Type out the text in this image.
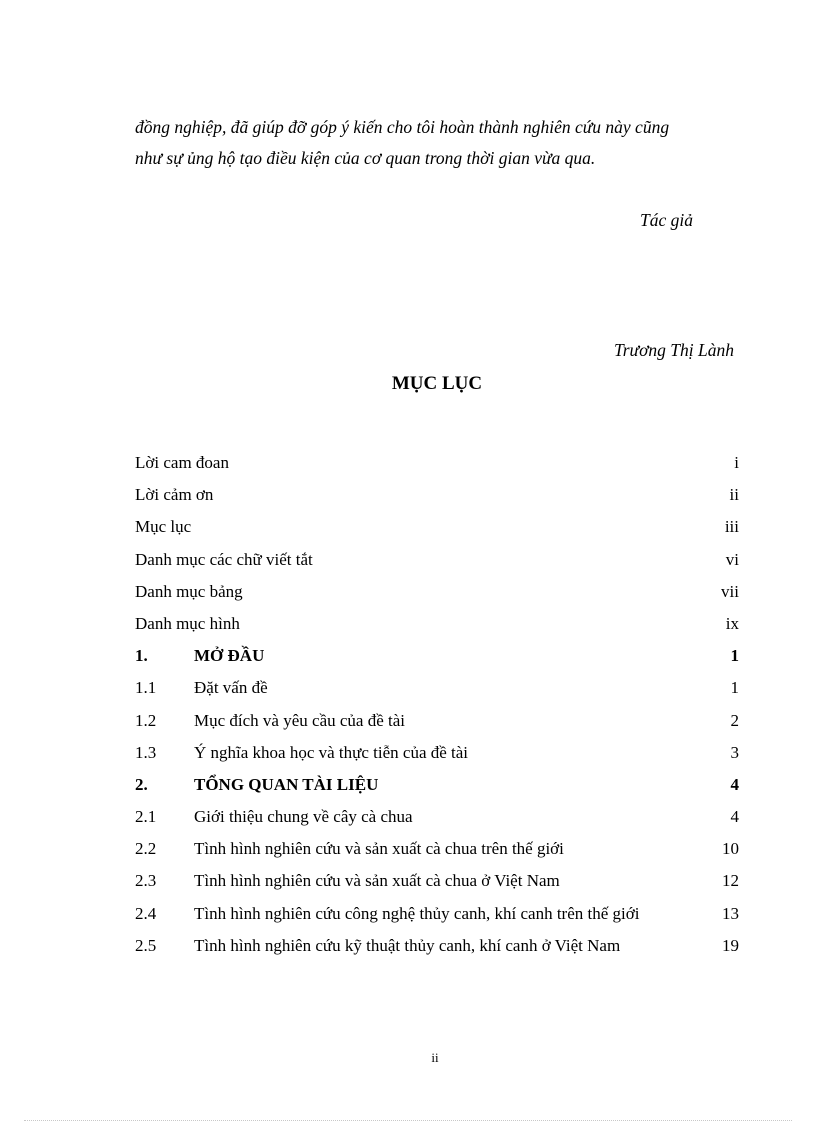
đồng nghiệp, đã giúp đỡ góp ý kiến cho tôi hoàn thành nghiên cứu này cũng
như sự ủng hộ tạo điều kiện của cơ quan trong thời gian vừa qua.
Tác giả
Trương Thị Lành
MỤC LỤC
Lời cam đoan	i
Lời cảm ơn	ii
Mục lục	iii
Danh mục các chữ viết tắt	vi
Danh mục bảng	vii
Danh mục hình	ix
1.	MỞ ĐẦU	1
1.1 Đặt vấn đề	1
1.2 Mục đích và yêu cầu của đề tài	2
1.3 Ý nghĩa khoa học và thực tiễn của đề tài	3
2.	TỔNG QUAN TÀI LIỆU	4
2.1 Giới thiệu chung về cây cà chua	4
2.2 Tình hình nghiên cứu và sản xuất cà chua trên thế giới	10
2.3 Tình hình nghiên cứu và sản xuất cà chua ở Việt Nam	12
2.4 Tình hình nghiên cứu công nghệ thủy canh, khí canh trên thế giới	13
2.5 Tình hình nghiên cứu kỹ thuật thủy canh, khí canh ở Việt Nam	19
ii
